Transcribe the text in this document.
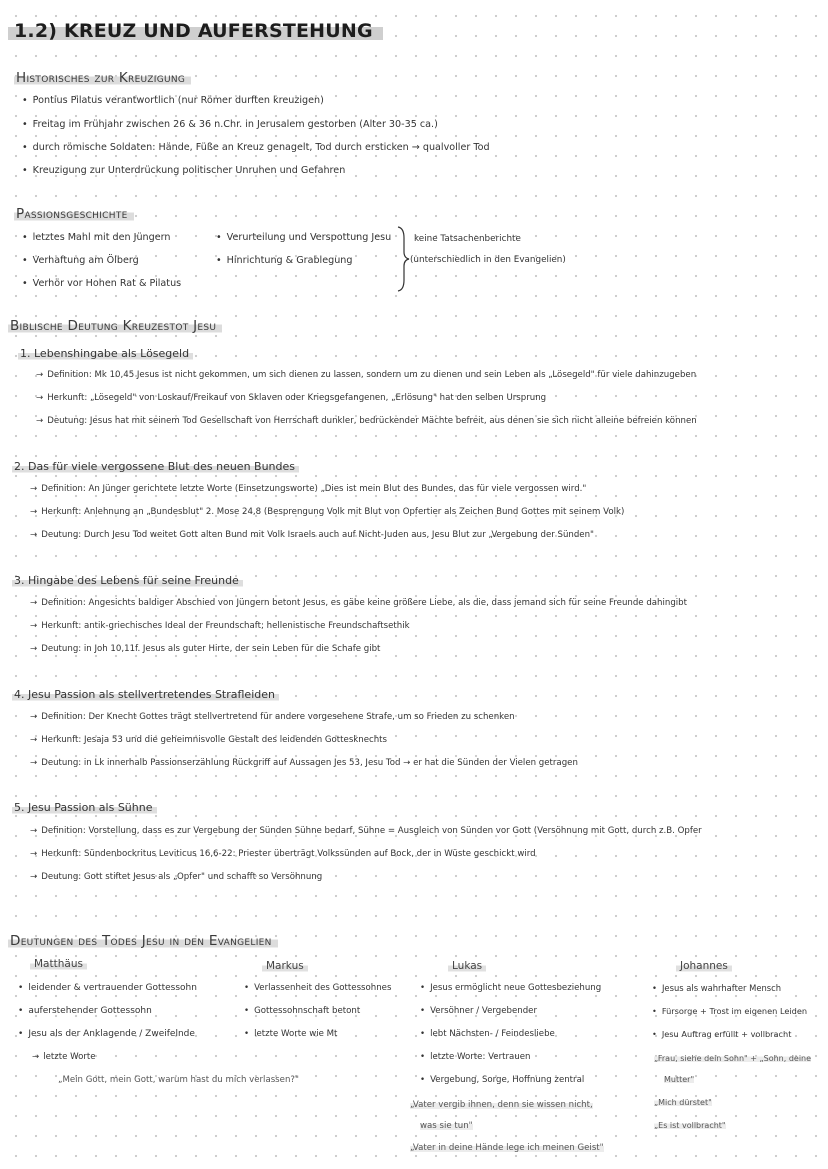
1.2) KREUZ UND AUFERSTEHUNG
Historisches zur Kreuzigung
• Pontius Pilatus verantwortlich (nur Römer durften kreuzigen)
• Freitag im Frühjahr zwischen 26 & 36 n.Chr. in Jerusalem gestorben (Alter 30-35 ca.)
• durch römische Soldaten: Hände, Füße an Kreuz genagelt, Tod durch ersticken → qualvoller Tod
• Kreuzigung zur Unterdrückung politischer Unruhen und Gefahren
Passionsgeschichte
• letztes Mahl mit den Jüngern
• Verhaftung am Ölberg
• Verhör vor Hohen Rat & Pilatus
• Verurteilung und Verspottung Jesu
• Hinrichtung & Grablegung
keine Tatsachenberichte
(unterschiedlich in den Evangelien)
Biblische Deutung Kreuzestot Jesu
1. Lebenshingabe als Lösegeld
→ Definition: Mk 10,45 Jesus ist nicht gekommen, um sich dienen zu lassen, sondern um zu dienen und sein Leben als „Lösegeld" für viele dahinzugeben
→ Herkunft: „Lösegeld" von Loskauf/Freikauf von Sklaven oder Kriegsgefangenen, „Erlösung" hat den selben Ursprung
→ Deutung: Jesus hat mit seinem Tod Gesellschaft von Herrschaft dunkler, bedrückender Mächte befreit, aus denen sie sich nicht alleine befreien können
2. Das für viele vergossene Blut des neuen Bundes
→ Definition: An Jünger gerichtete letzte Worte (Einsetzungsworte) „Dies ist mein Blut des Bundes, das für viele vergossen wird."
→ Herkunft: Anlehnung an „Bundesblut" 2. Mose 24,8 (Besprengung Volk mit Blut von Opfertier als Zeichen Bund Gottes mit seinem Volk)
→ Deutung: Durch Jesu Tod weitet Gott alten Bund mit Volk Israels auch auf Nicht-Juden aus, Jesu Blut zur „Vergebung der Sünden"
3. Hingabe des Lebens für seine Freunde
→ Definition: Angesichts baldiger Abschied von Jüngern betont Jesus, es gäbe keine größere Liebe, als die, dass jemand sich für seine Freunde dahingibt
→ Herkunft: antik-griechisches Ideal der Freundschaft; hellenistische Freundschaftsethik
→ Deutung: in Joh 10,11f. Jesus als guter Hirte, der sein Leben für die Schafe gibt
4. Jesu Passion als stellvertretendes Strafleiden
→ Definition: Der Knecht Gottes trägt stellvertretend für andere vorgesehene Strafe, um so Frieden zu schenken
→ Herkunft: Jesaja 53 und die geheimnisvolle Gestalt des leidenden Gottesknechts
→ Deutung: in Lk innerhalb Passionserzählung Rückgriff auf Aussagen Jes 53, Jesu Tod → er hat die Sünden der Vielen getragen
5. Jesu Passion als Sühne
→ Definition: Vorstellung, dass es zur Vergebung der Sünden Sühne bedarf, Sühne = Ausgleich von Sünden vor Gott (Versöhnung mit Gott, durch z.B. Opfer
→ Herkunft: Sündenbockritus Leviticus 16,6-22: Priester überträgt Volkssünden auf Bock, der in Wüste geschickt wird
→ Deutung: Gott stiftet Jesus als „Opfer" und schafft so Versöhnung
Deutungen des Todes Jesu in den Evangelien
Matthäus
• leidender & vertrauender Gottessohn
• auferstehender Gottessohn
• Jesu als der Anklagende / Zweifelnde
→ letzte Worte
„Mein Gott, mein Gott, warum hast du mich verlassen?"
Markus
• Verlassenheit des Gottessohnes
• Gottessohnschaft betont
• letzte Worte wie Mt
Lukas
• Jesus ermöglicht neue Gottesbeziehung
• Versöhner / Vergebender
• lebt Nächsten- / Feindesliebe
• letzte Worte: Vertrauen
• Vergebung, Sorge, Hoffnung zentral
„Vater vergib ihnen, denn sie wissen nicht,
was sie tun"
„Vater in deine Hände lege ich meinen Geist"
Johannes
• Jesus als wahrhafter Mensch
• Fürsorge + Trost im eigenen Leiden
• Jesu Auftrag erfüllt + vollbracht
„Frau, siehe dein Sohn" + „Sohn, deine
Mutter"
„Mich dürstet"
„Es ist vollbracht"
